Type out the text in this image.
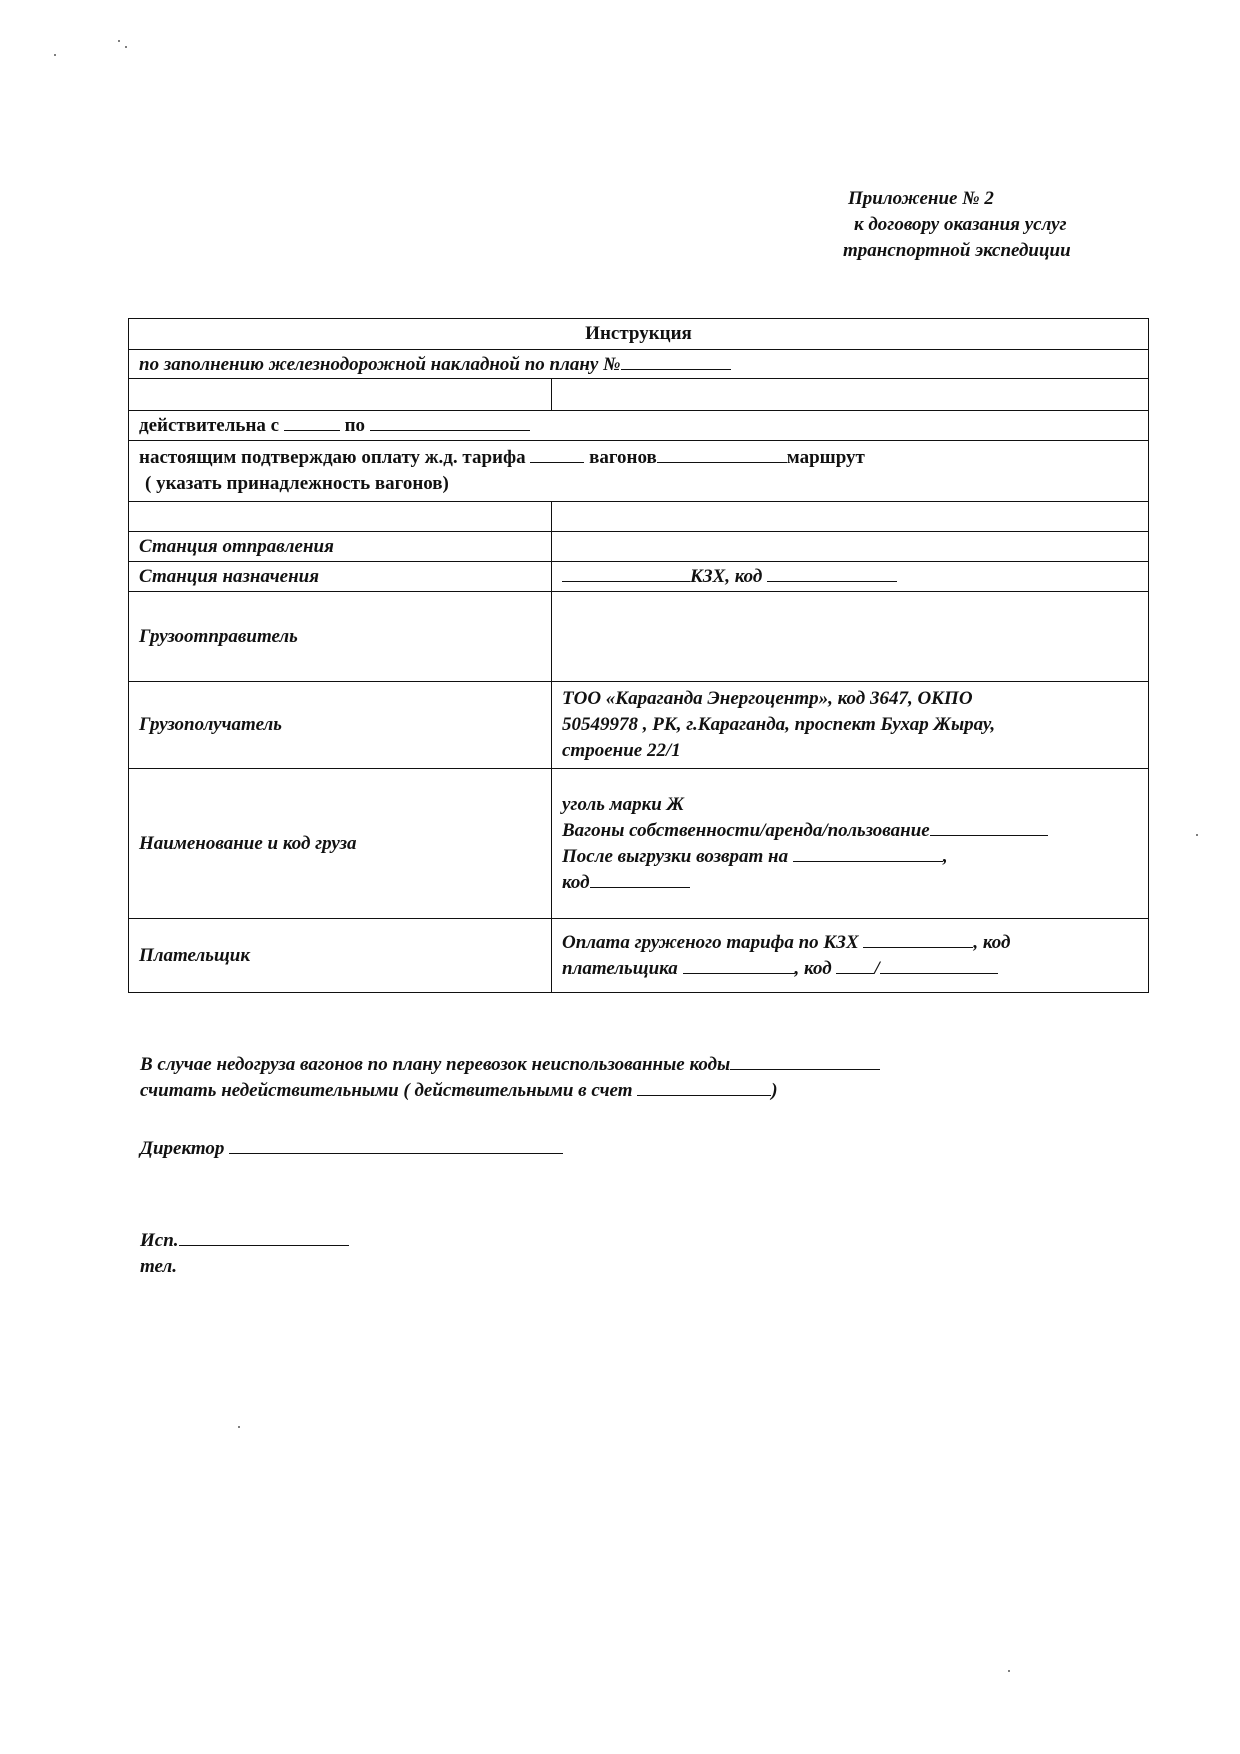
Приложение № 2
к договору оказания услуг
транспортной экспедиции
Инструкция	
по заполнению железнодорожной накладной по плану №	

действительна с по	

настоящим подтверждаю оплату ж.д. тарифа вагонов маршрут
( указать принадлежность вагонов)	

Станция отправления	
Станция назначения	КЗХ, код
Грузоотправитель	
Грузополучатель	ТОО «Караганда Энергоцентр», код 3647, ОКПО
50549978 , РК, г.Караганда, проспект Бухар Жырау,
строение 22/1

Наименование и код груза	уголь марки Ж
Вагоны собственности/аренда/пользование
После выгрузки возврат на ,
код

Плательщик	Оплата груженого тарифа по КЗХ , код
плательщика , код /
В случае недогруза вагонов по плану перевозок неиспользованные коды
считать недействительными ( действительными в счет	)
Директор
Исп.
тел.
